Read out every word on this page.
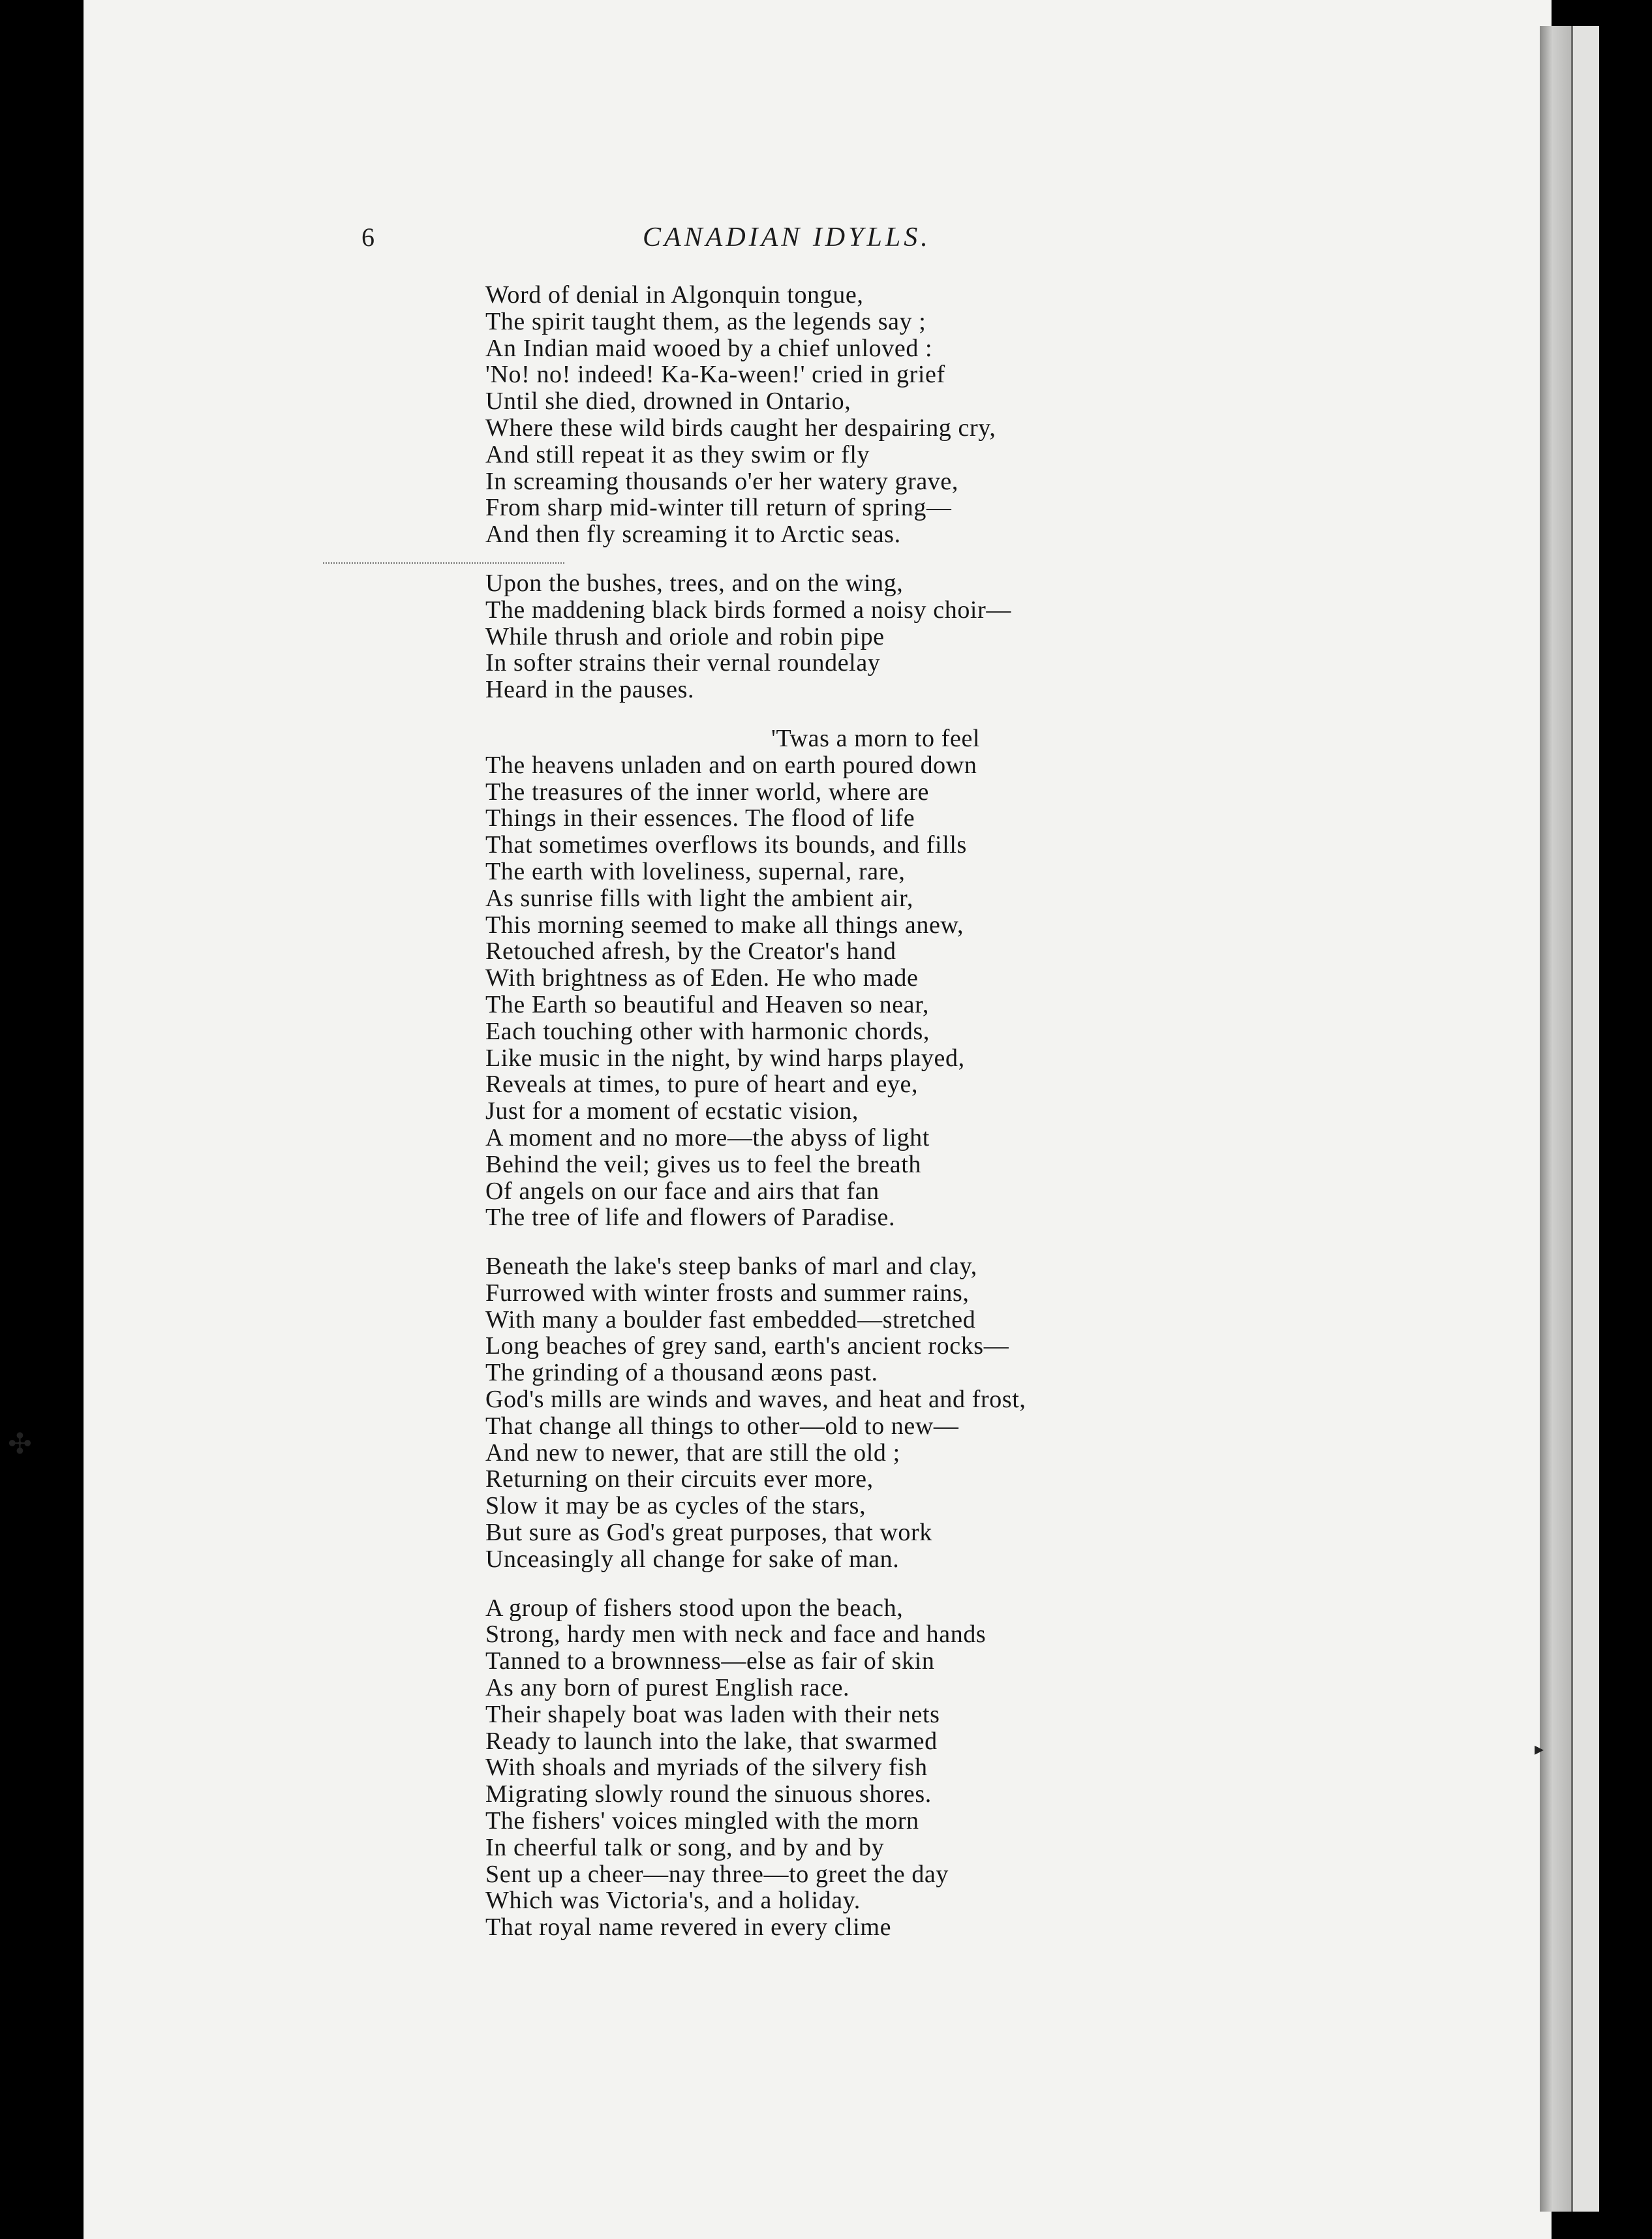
6	CANADIAN IDYLLS.
Word of denial in Algonquin tongue,
The spirit taught them, as the legends say ;
An Indian maid wooed by a chief unloved :
'No! no! indeed! Ka-Ka-ween!' cried in grief
Until she died, drowned in Ontario,
Where these wild birds caught her despairing cry,
And still repeat it as they swim or fly
In screaming thousands o'er her watery grave,
From sharp mid-winter till return of spring—
And then fly screaming it to Arctic seas.
Upon the bushes, trees, and on the wing,
The maddening black birds formed a noisy choir—
While thrush and oriole and robin pipe
In softer strains their vernal roundelay
Heard in the pauses.
'Twas a morn to feel
The heavens unladen and on earth poured down
The treasures of the inner world, where are
Things in their essences. The flood of life
That sometimes overflows its bounds, and fills
The earth with loveliness, supernal, rare,
As sunrise fills with light the ambient air,
This morning seemed to make all things anew,
Retouched afresh, by the Creator's hand
With brightness as of Eden. He who made
The Earth so beautiful and Heaven so near,
Each touching other with harmonic chords,
Like music in the night, by wind harps played,
Reveals at times, to pure of heart and eye,
Just for a moment of ecstatic vision,
A moment and no more—the abyss of light
Behind the veil; gives us to feel the breath
Of angels on our face and airs that fan
The tree of life and flowers of Paradise.
Beneath the lake's steep banks of marl and clay,
Furrowed with winter frosts and summer rains,
With many a boulder fast embedded—stretched
Long beaches of grey sand, earth's ancient rocks—
The grinding of a thousand æons past.
God's mills are winds and waves, and heat and frost,
That change all things to other—old to new—
And new to newer, that are still the old ;
Returning on their circuits ever more,
Slow it may be as cycles of the stars,
But sure as God's great purposes, that work
Unceasingly all change for sake of man.
A group of fishers stood upon the beach,
Strong, hardy men with neck and face and hands
Tanned to a brownness—else as fair of skin
As any born of purest English race.
Their shapely boat was laden with their nets
Ready to launch into the lake, that swarmed
With shoals and myriads of the silvery fish
Migrating slowly round the sinuous shores.
The fishers' voices mingled with the morn
In cheerful talk or song, and by and by
Sent up a cheer—nay three—to greet the day
Which was Victoria's, and a holiday.
That royal name revered in every clime
✣
▸
